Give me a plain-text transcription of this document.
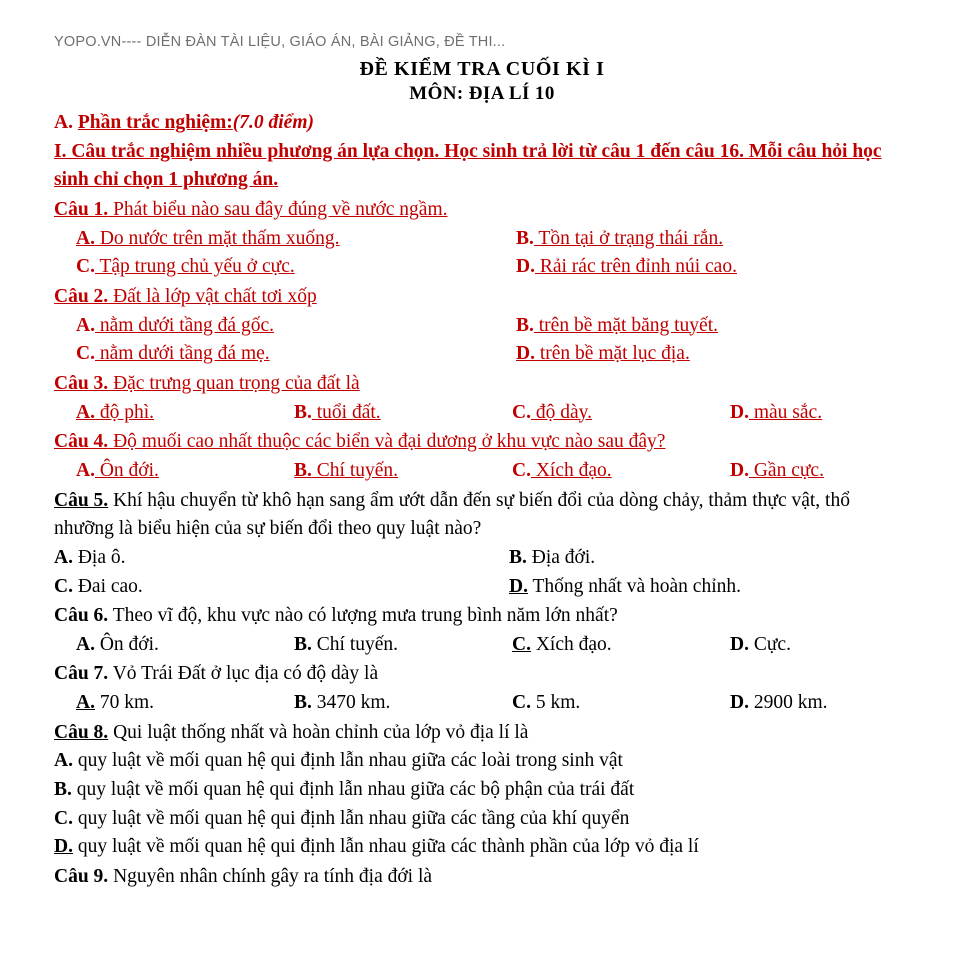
YOPO.VN---- DIỄN ĐÀN TÀI LIỆU, GIÁO ÁN, BÀI GIẢNG, ĐỀ THI...
ĐỀ KIỂM TRA CUỐI KÌ I
MÔN: ĐỊA LÍ 10
A. Phần trắc nghiệm:(7.0 điểm)
I. Câu trắc nghiệm nhiều phương án lựa chọn. Học sinh trả lời từ câu 1 đến câu 16. Mỗi câu hỏi học sinh chỉ chọn 1 phương án.
Câu 1. Phát biểu nào sau đây đúng về nước ngầm.
A. Do nước trên mặt thấm xuống.	B. Tồn tại ở trạng thái rắn.
C. Tập trung chủ yếu ở cực.	D. Rải rác trên đỉnh núi cao.
Câu 2. Đất là lớp vật chất tơi xốp
A. nằm dưới tầng đá gốc.	B. trên bề mặt băng tuyết.
C. nằm dưới tầng đá mẹ.	D. trên bề mặt lục địa.
Câu 3. Đặc trưng quan trọng của đất là
A. độ phì.	B. tuổi đất.	C. độ dày.	D. màu sắc.
Câu 4. Độ muối cao nhất thuộc các biển và đại dương ở khu vực nào sau đây?
A. Ôn đới.	B. Chí tuyến.	C. Xích đạo.	D. Gần cực.
Câu 5. Khí hậu chuyển từ khô hạn sang ẩm ướt dẫn đến sự biến đổi của dòng chảy, thảm thực vật, thổ nhưỡng là biểu hiện của sự biến đổi theo quy luật nào?
A. Địa ô.	B. Địa đới.
C. Đai cao.	D. Thống nhất và hoàn chỉnh.
Câu 6. Theo vĩ độ, khu vực nào có lượng mưa trung bình năm lớn nhất?
A. Ôn đới.	B. Chí tuyến.	C. Xích đạo.	D. Cực.
Câu 7. Vỏ Trái Đất ở lục địa có độ dày là
A. 70 km.	B. 3470 km.	C. 5 km.	D. 2900 km.
Câu 8. Qui luật thống nhất và hoàn chỉnh của lớp vỏ địa lí là
A. quy luật về mối quan hệ qui định lẫn nhau giữa các loài trong sinh vật
B. quy luật về mối quan hệ qui định lẫn nhau giữa các bộ phận của trái đất
C. quy luật về mối quan hệ qui định lẫn nhau giữa các tầng của khí quyển
D. quy luật về mối quan hệ qui định lẫn nhau giữa các thành phần của lớp vỏ địa lí
Câu 9. Nguyên nhân chính gây ra tính địa đới là
